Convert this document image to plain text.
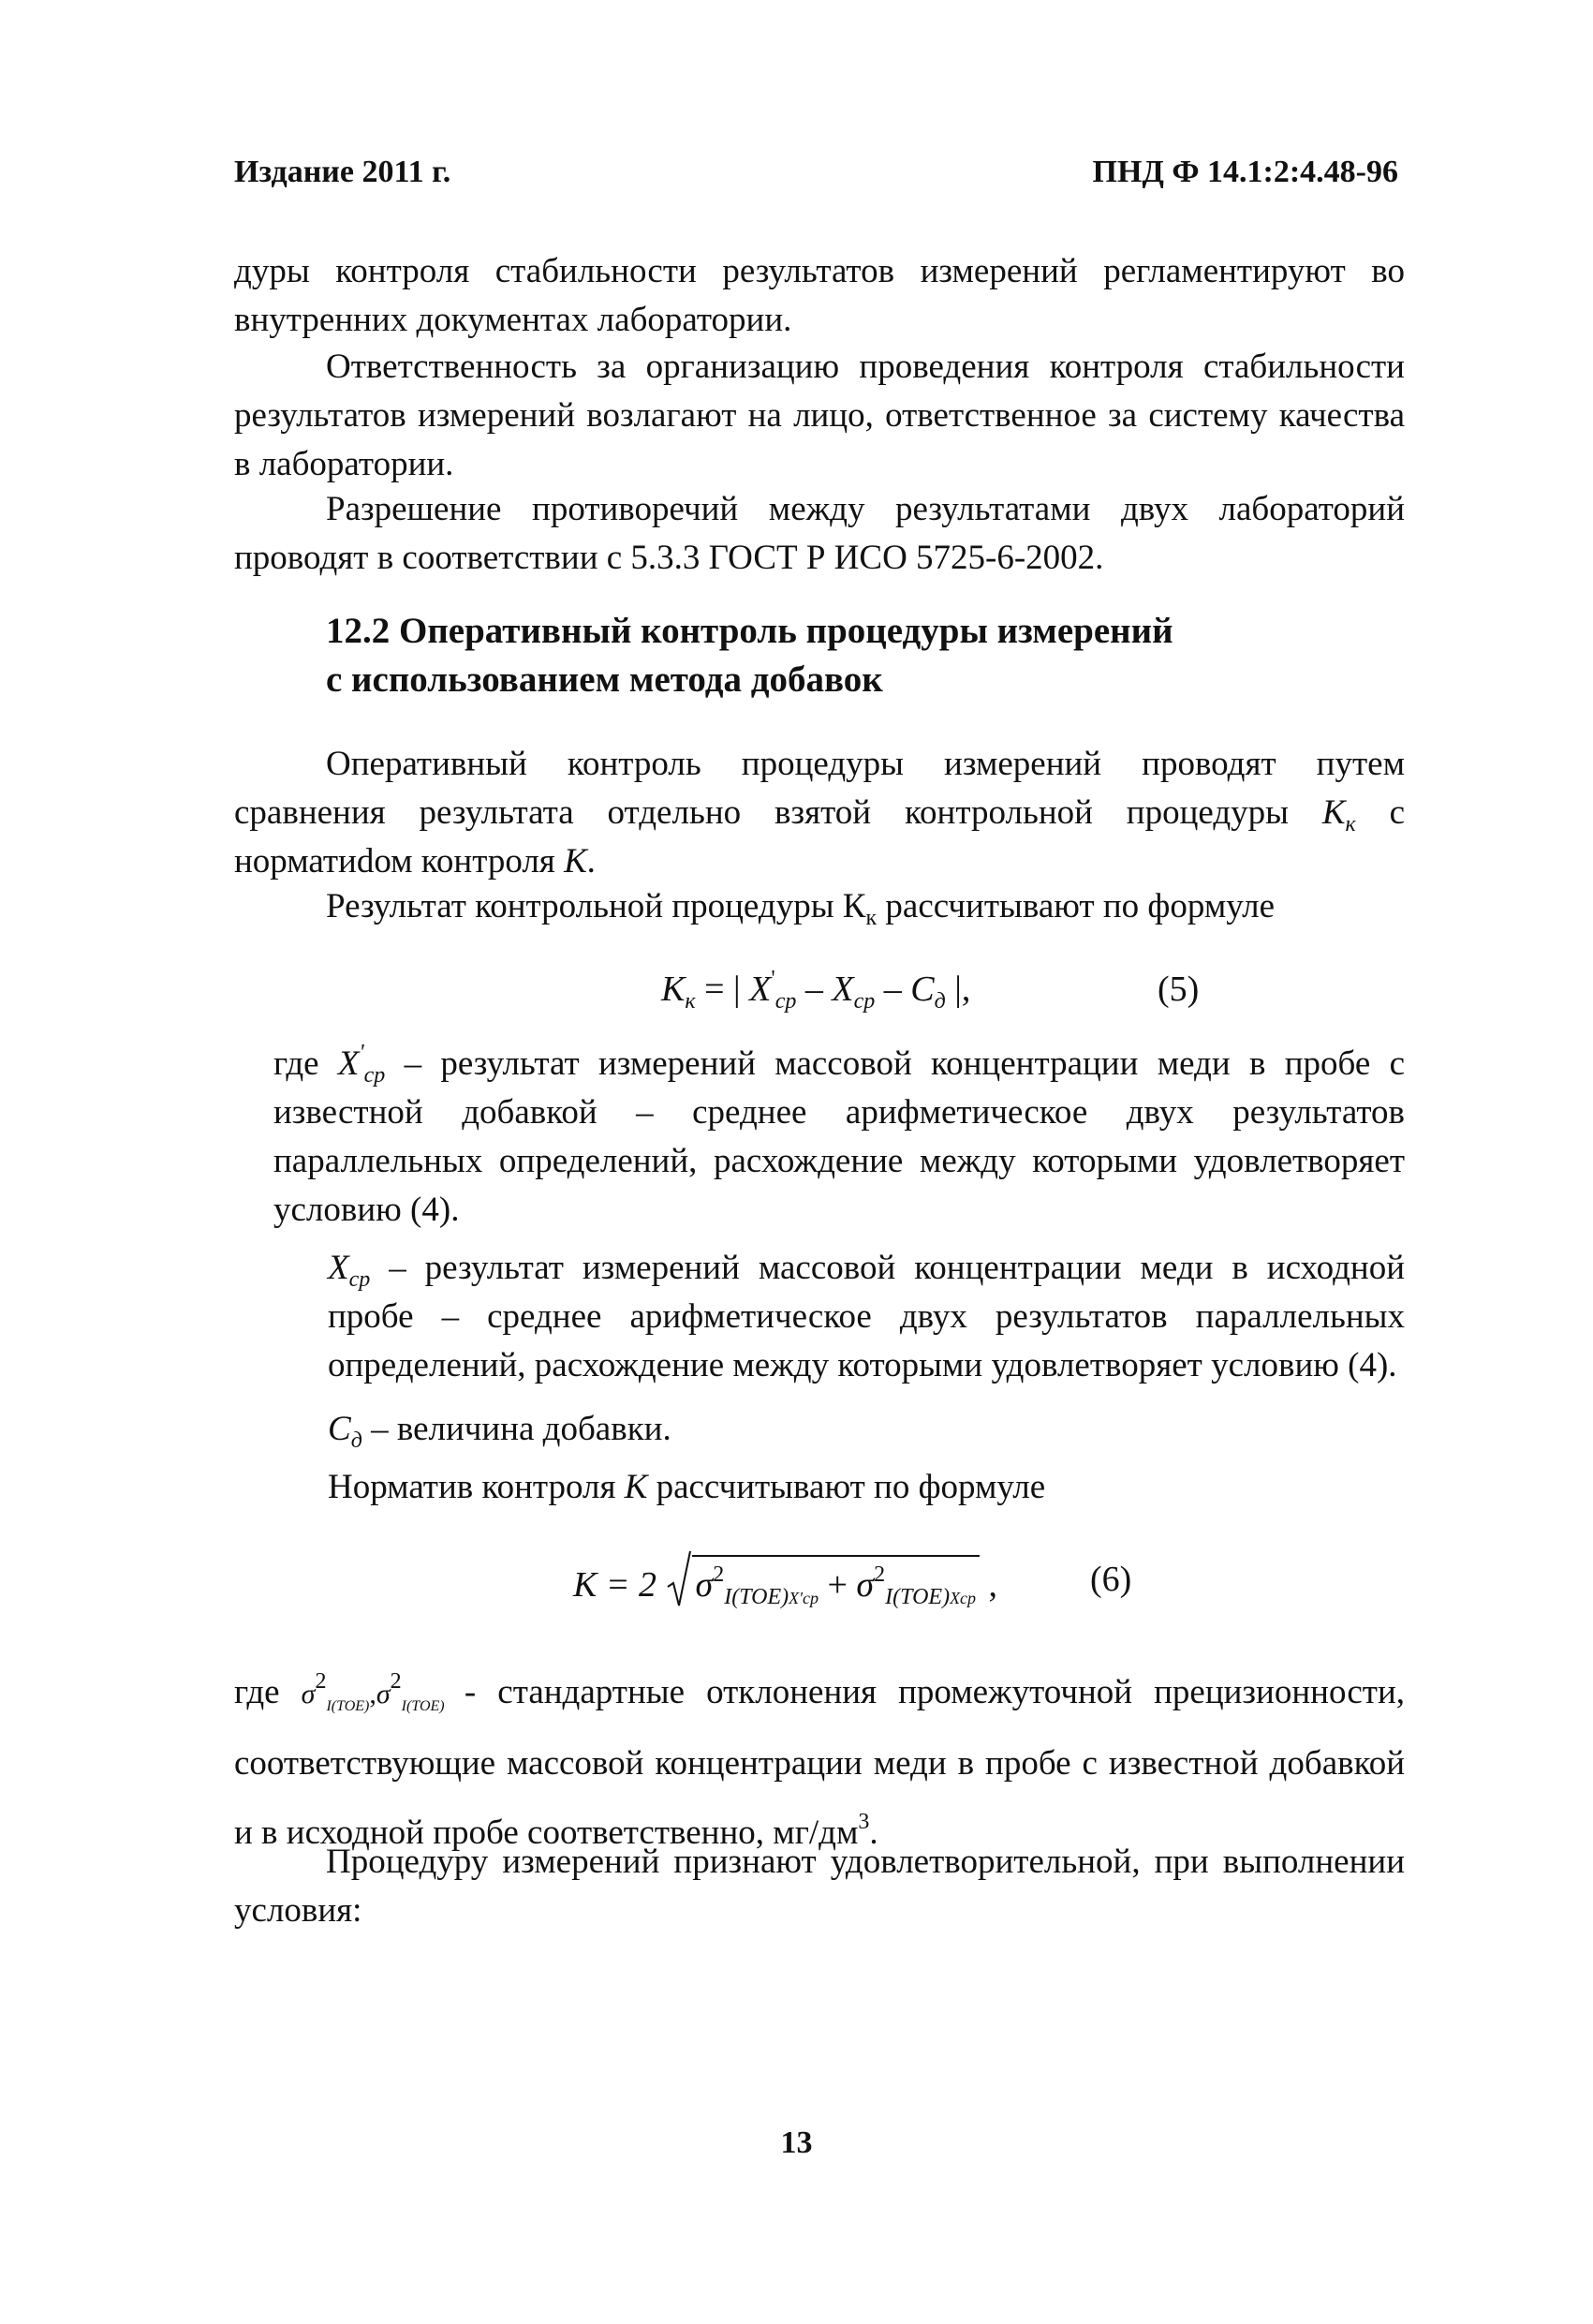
Издание 2011 г.	ПНД Ф 14.1:2:4.48-96
дуры контроля стабильности результатов измерений регламентируют во внутренних документах лаборатории.
Ответственность за организацию проведения контроля стабильности результатов измерений возлагают на лицо, ответственное за систему качества в лаборатории.
Разрешение противоречий между результатами двух лабораторий проводят в соответствии с 5.3.3 ГОСТ Р ИСО 5725-6-2002.
12.2 Оперативный контроль процедуры измерений
с использованием метода добавок
Оперативный контроль процедуры измерений проводят путем сравнения результата отдельно взятой контрольной процедуры $К_к$ с норматиdом контроля К.
Результат контрольной процедуры $К_к$ рассчитывают по формуле
$K_к$ = | $X'_{ср} - X_{ср} - C_д$ |,	(5)
где $X'_{ср}$ – результат измерений массовой концентрации меди в пробе с известной добавкой – среднее арифметическое двух результатов параллельных определений, расхождение между которыми удовлетворяет условию (4).
$X_{ср}$ – результат измерений массовой концентрации меди в исходной пробе – среднее арифметическое двух результатов параллельных определений, расхождение между которыми удовлетворяет условию (4).
$С_д$ – величина добавки.
Норматив контроля К рассчитывают по формуле
K = 2 $\sigma^2_{I(TOE)X'ср} + \sigma^2_{I(TOE)Xср}$ ,	(6)
где $\sigma^2_{I(TOE)},\sigma^2_{I(TOE)}$ - стандартные отклонения промежуточной прецизионности, соответствующие массовой концентрации меди в пробе с известной добавкой и в исходной пробе соответственно, $мг/дм^3$.
Процедуру измерений признают удовлетворительной, при выполнении условия:
13
